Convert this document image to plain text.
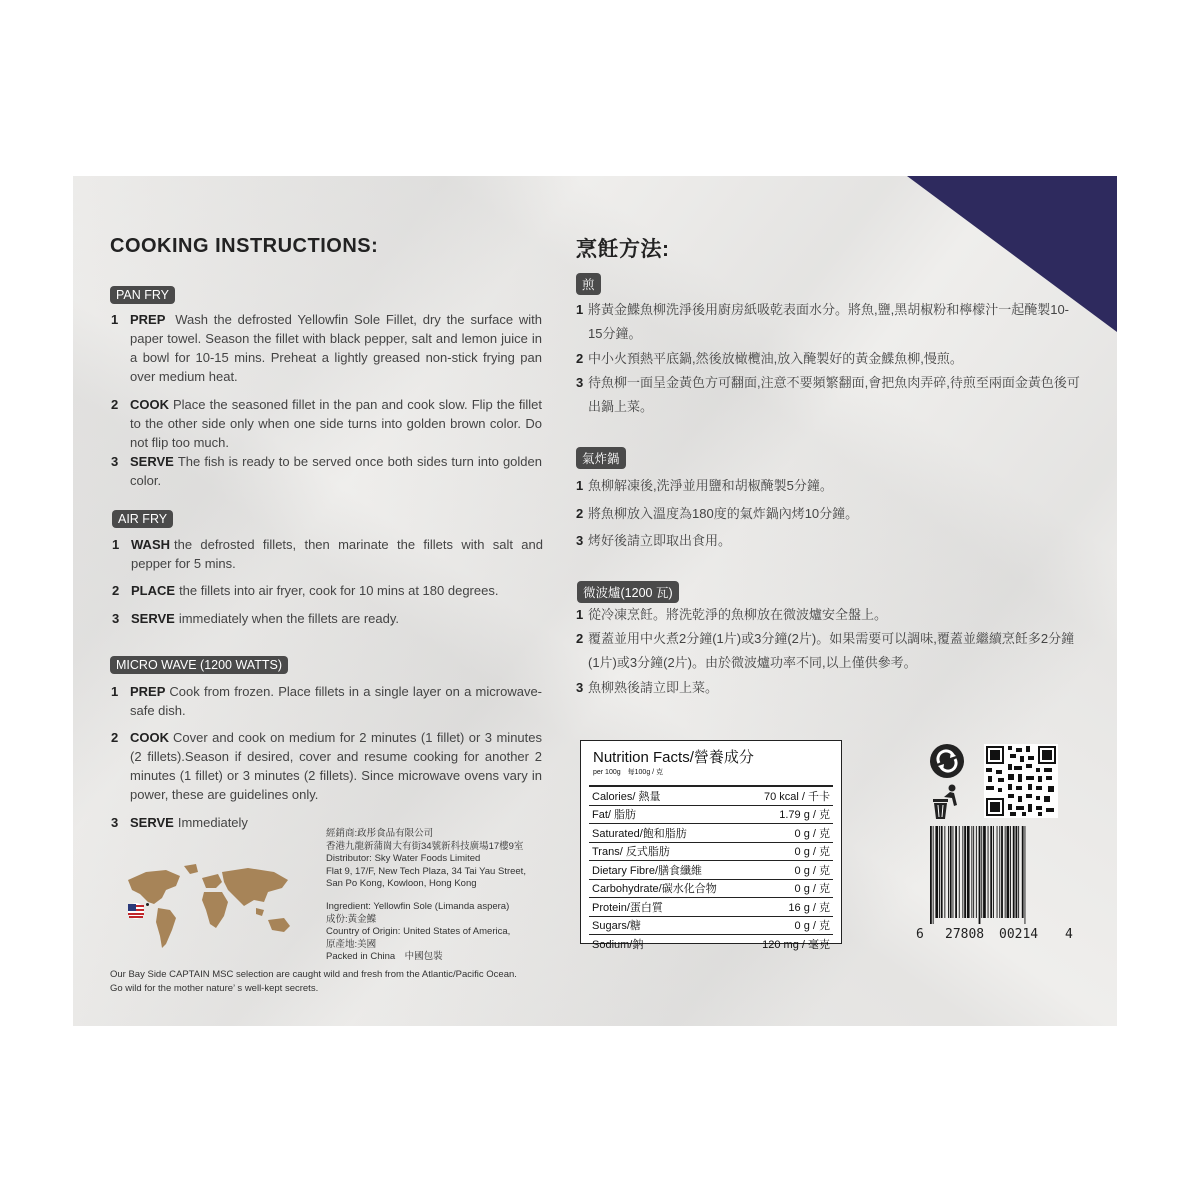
COOKING INSTRUCTIONS:
PAN FRY
1 PREP Wash the defrosted Yellowfin Sole Fillet, dry the surface with paper towel. Season the fillet with black pepper, salt and lemon juice in a bowl for 10-15 mins. Preheat a lightly greased non-stick frying pan over medium heat.
2 COOK Place the seasoned fillet in the pan and cook slow. Flip the fillet to the other side only when one side turns into golden brown color. Do not flip too much.
3 SERVE The fish is ready to be served once both sides turn into golden color.
AIR FRY
1 WASH the defrosted fillets, then marinate the fillets with salt and pepper for 5 mins.
2 PLACE the fillets into air fryer, cook for 10 mins at 180 degrees.
3 SERVE immediately when the fillets are ready.
MICRO WAVE (1200 WATTS)
1 PREP Cook from frozen. Place fillets in a single layer on a microwave-safe dish.
2 COOK Cover and cook on medium for 2 minutes (1 fillet) or 3 minutes (2 fillets).Season if desired, cover and resume cooking for another 2 minutes (1 fillet) or 3 minutes (2 fillets). Since microwave ovens vary in power, these are guidelines only.
3 SERVE Immediately
經銷商:政彤食品有限公司
香港九龍新蒲崗大有街34號新科技廣場17樓9室
Distributor: Sky Water Foods Limited
Flat 9, 17/F, New Tech Plaza, 34 Tai Yau Street,
San Po Kong, Kowloon, Hong Kong
Ingredient: Yellowfin Sole (Limanda aspera)
成份:黃金鰈
Country of Origin: United States of America,
原產地:美國
Packed in China　中國包裝
Our Bay Side CAPTAIN MSC selection are caught wild and fresh from the Atlantic/Pacific Ocean.
Go wild for the mother nature’ s well-kept secrets.
烹飪方法:
煎
1 將黃金鰈魚柳洗淨後用廚房紙吸乾表面水分。將魚,鹽,黑胡椒粉和檸檬汁一起醃製10-15分鐘。
2 中小火預熱平底鍋,然後放橄欖油,放入醃製好的黃金鰈魚柳,慢煎。
3 待魚柳一面呈金黃色方可翻面,注意不要頻繁翻面,會把魚肉弄碎,待煎至兩面金黃色後可出鍋上菜。
氣炸鍋
1 魚柳解凍後,洗淨並用鹽和胡椒醃製5分鐘。
2 將魚柳放入溫度為180度的氣炸鍋內烤10分鐘。
3 烤好後請立即取出食用。
微波爐(1200 瓦)
1 從冷凍烹飪。將洗乾淨的魚柳放在微波爐安全盤上。
2 覆蓋並用中火煮2分鐘(1片)或3分鐘(2片)。如果需要可以調味,覆蓋並繼續烹飪多2分鐘(1片)或3分鐘(2片)。由於微波爐功率不同,以上僅供參考。
3 魚柳熟後請立即上菜。
Nutrition Facts/營養成分
per 100g　每100g / 克
Calories/ 熱量	70 kcal / 千卡
Fat/ 脂肪	1.79 g / 克
Saturated/飽和脂肪	0 g / 克
Trans/ 反式脂肪	0 g / 克
Dietary Fibre/膳食纖維	0 g / 克
Carbohydrate/碳水化合物	0 g / 克
Protein/蛋白質	16 g / 克
Sugars/糖	0 g / 克
Sodium/鈉	120 mg / 毫克
6 27808 00214 4
